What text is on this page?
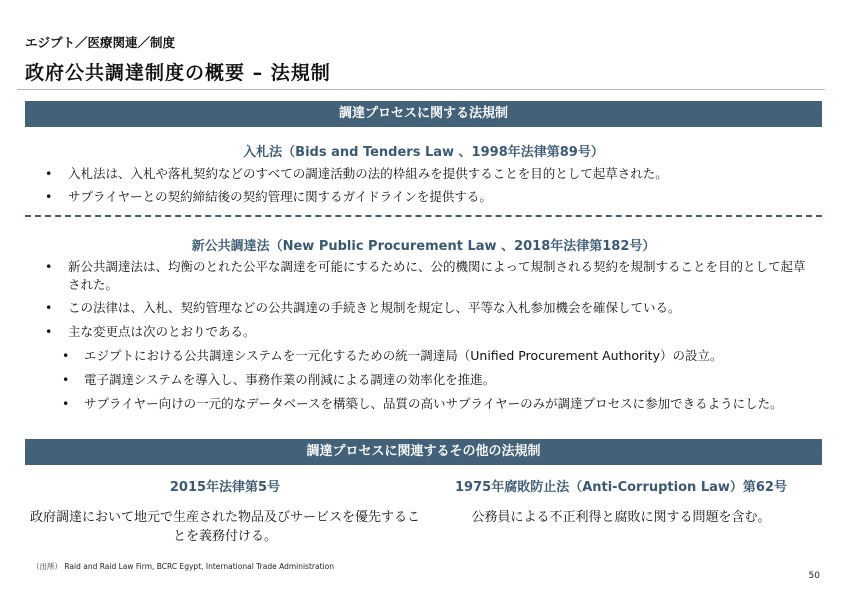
エジプト／医療関連／制度
政府公共調達制度の概要 – 法規制
調達プロセスに関する法規制
入札法（Bids and Tenders Law 、1998年法律第89号）
• 入札法は、入札や落札契約などのすべての調達活動の法的枠組みを提供することを目的として起草された。
• サプライヤーとの契約締結後の契約管理に関するガイドラインを提供する。
新公共調達法（New Public Procurement Law 、2018年法律第182号）
• 新公共調達法は、均衡のとれた公平な調達を可能にするために、公的機関によって規制される契約を規制することを目的として起草された。
• この法律は、入札、契約管理などの公共調達の手続きと規制を規定し、平等な入札参加機会を確保している。
• 主な変更点は次のとおりである。
• エジプトにおける公共調達システムを一元化するための統一調達局（Unified Procurement Authority）の設立。
• 電子調達システムを導入し、事務作業の削減による調達の効率化を推進。
• サプライヤー向けの一元的なデータベースを構築し、品質の高いサプライヤーのみが調達プロセスに参加できるようにした。
調達プロセスに関連するその他の法規制
2015年法律第5号	1975年腐敗防止法（Anti-Corruption Law）第62号
政府調達において地元で生産された物品及びサービスを優先することを義務付ける。
公務員による不正利得と腐敗に関する問題を含む。
（出所） Raid and Raid Law Firm, BCRC Egypt, International Trade Administration
50
